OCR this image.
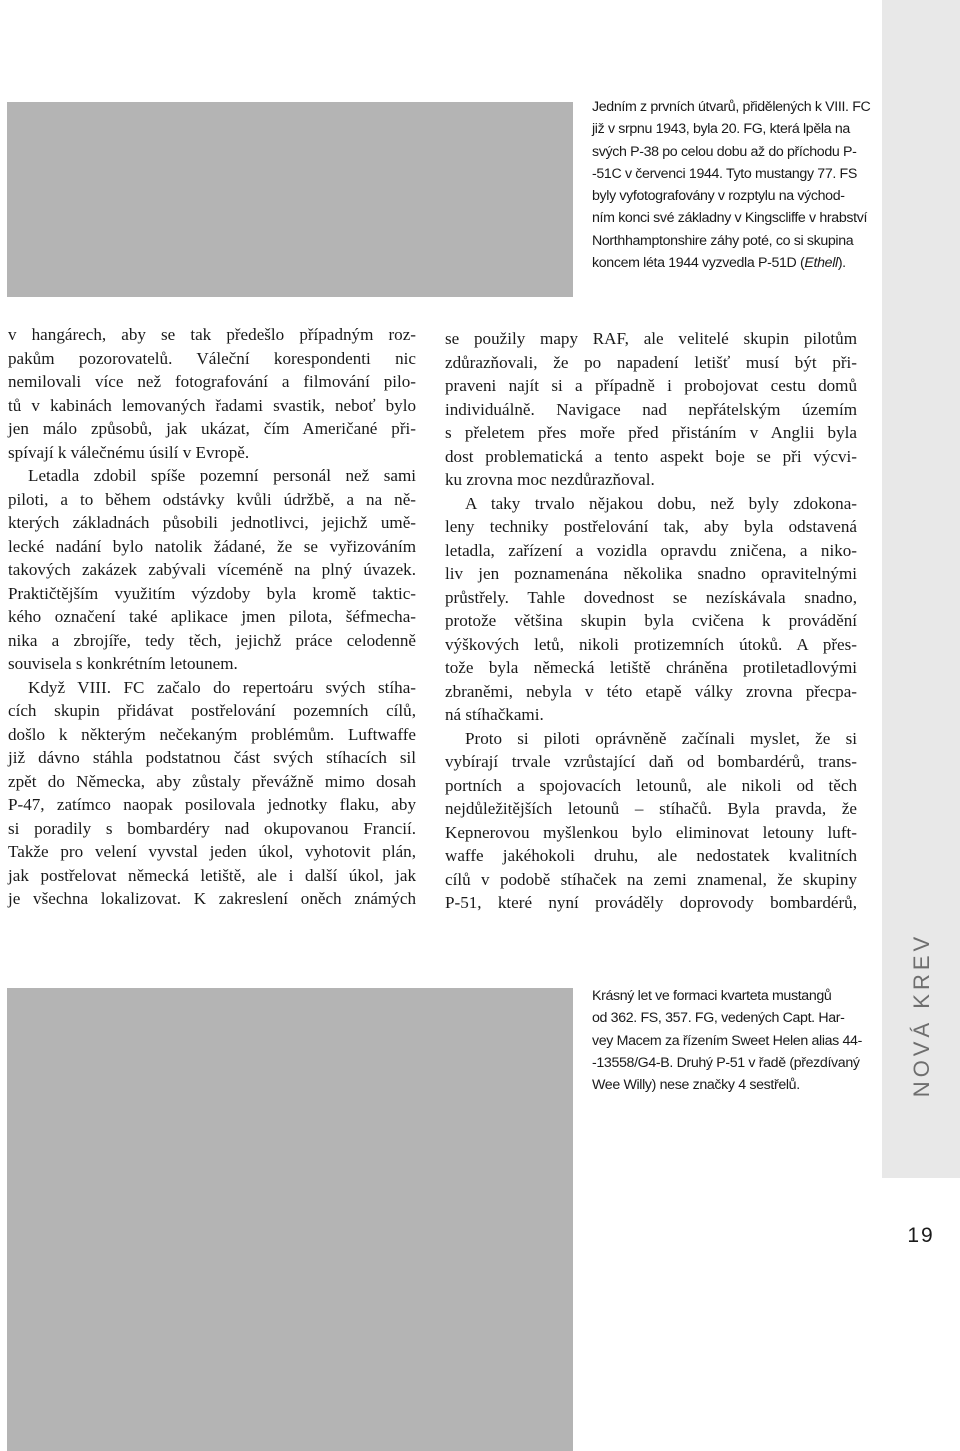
Jedním z prvních útvarů, přidělených k VIII. FC
již v srpnu 1943, byla 20. FG, která lpěla na
svých P-38 po celou dobu až do příchodu P-
-51C v červenci 1944. Tyto mustangy 77. FS
byly vyfotografovány v rozptylu na východ-
ním konci své základny v Kingscliffe v hrabství
Northhamptonshire záhy poté, co si skupina
koncem léta 1944 vyzvedla P-51D (Ethell).
v hangárech, aby se tak předešlo případným roz-
pakům pozorovatelů. Váleční korespondenti nic
nemilovali více než fotografování a filmování pilo-
tů v kabinách lemovaných řadami svastik, neboť bylo
jen málo způsobů, jak ukázat, čím Američané při-
spívají k válečnému úsilí v Evropě.
Letadla zdobil spíše pozemní personál než sami
piloti, a to během odstávky kvůli údržbě, a na ně-
kterých základnách působili jednotlivci, jejichž umě-
lecké nadání bylo natolik žádané, že se vyřizováním
takových zakázek zabývali víceméně na plný úvazek.
Praktičtějším využitím výzdoby byla kromě taktic-
kého označení také aplikace jmen pilota, šéfmecha-
nika a zbrojíře, tedy těch, jejichž práce celodenně
souvisela s konkrétním letounem.
Když VIII. FC začalo do repertoáru svých stíha-
cích skupin přidávat postřelování pozemních cílů,
došlo k některým nečekaným problémům. Luftwaffe
již dávno stáhla podstatnou část svých stíhacích sil
zpět do Německa, aby zůstaly převážně mimo dosah
P-47, zatímco naopak posilovala jednotky flaku, aby
si poradily s bombardéry nad okupovanou Francií.
Takže pro velení vyvstal jeden úkol, vyhotovit plán,
jak postřelovat německá letiště, ale i další úkol, jak
je všechna lokalizovat. K zakreslení oněch známých
se použily mapy RAF, ale velitelé skupin pilotům
zdůrazňovali, že po napadení letišť musí být při-
praveni najít si a případně i probojovat cestu domů
individuálně. Navigace nad nepřátelským územím
s přeletem přes moře před přistáním v Anglii byla
dost problematická a tento aspekt boje se při výcvi-
ku zrovna moc nezdůrazňoval.
A taky trvalo nějakou dobu, než byly zdokona-
leny techniky postřelování tak, aby byla odstavená
letadla, zařízení a vozidla opravdu zničena, a niko-
liv jen poznamenána několika snadno opravitelnými
průstřely. Tahle dovednost se nezískávala snadno,
protože většina skupin byla cvičena k provádění
výškových letů, nikoli protizemních útoků. A přes-
tože byla německá letiště chráněna protiletadlovými
zbraněmi, nebyla v této etapě války zrovna přecpa-
ná stíhačkami.
Proto si piloti oprávněně začínali myslet, že si
vybírají trvale vzrůstající daň od bombardérů, trans-
portních a spojovacích letounů, ale nikoli od těch
nejdůležitějších letounů – stíhačů. Byla pravda, že
Kepnerovou myšlenkou bylo eliminovat letouny luft-
waffe jakéhokoli druhu, ale nedostatek kvalitních
cílů v podobě stíhaček na zemi znamenal, že skupiny
P-51, které nyní prováděly doprovody bombardérů,
Krásný let ve formaci kvarteta mustangů
od 362. FS, 357. FG, vedených Capt. Har-
vey Macem za řízením Sweet Helen alias 44-
-13558/G4-B. Druhý P-51 v řadě (přezdívaný
Wee Willy) nese značky 4 sestřelů.	NOVÁ KREV
19
